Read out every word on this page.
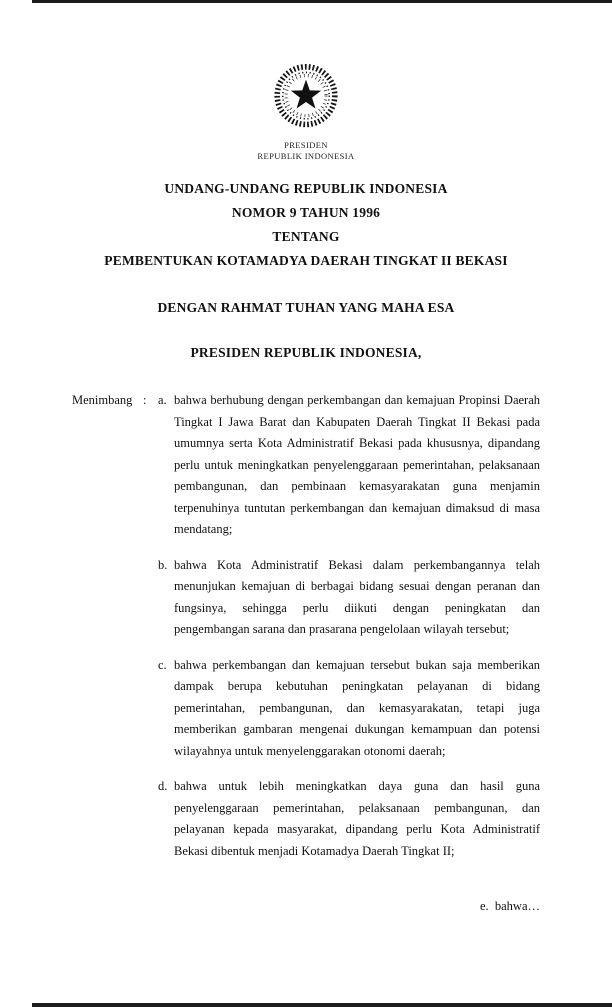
PRESIDEN
REPUBLIK INDONESIA
UNDANG-UNDANG REPUBLIK INDONESIA
NOMOR 9 TAHUN 1996
TENTANG
PEMBENTUKAN KOTAMADYA DAERAH TINGKAT II BEKASI
DENGAN RAHMAT TUHAN YANG MAHA ESA
PRESIDEN REPUBLIK INDONESIA,
Menimbang : a. bahwa berhubung dengan perkembangan dan kemajuan Propinsi Daerah Tingkat I Jawa Barat dan Kabupaten Daerah Tingkat II Bekasi pada umumnya serta Kota Administratif Bekasi pada khususnya, dipandang perlu untuk meningkatkan penyelenggaraan pemerintahan, pelaksanaan pembangunan, dan pembinaan kemasyarakatan guna menjamin terpenuhinya tuntutan perkembangan dan kemajuan dimaksud di masa mendatang;
b. bahwa Kota Administratif Bekasi dalam perkembangannya telah menunjukan kemajuan di berbagai bidang sesuai dengan peranan dan fungsinya, sehingga perlu diikuti dengan peningkatan dan pengembangan sarana dan prasarana pengelolaan wilayah tersebut;
c. bahwa perkembangan dan kemajuan tersebut bukan saja memberikan dampak berupa kebutuhan peningkatan pelayanan di bidang pemerintahan, pembangunan, dan kemasyarakatan, tetapi juga memberikan gambaran mengenai dukungan kemampuan dan potensi wilayahnya untuk menyelenggarakan otonomi daerah;
d. bahwa untuk lebih meningkatkan daya guna dan hasil guna penyelenggaraan pemerintahan, pelaksanaan pembangunan, dan pelayanan kepada masyarakat, dipandang perlu Kota Administratif Bekasi dibentuk menjadi Kotamadya Daerah Tingkat II;
e.  bahwa…
